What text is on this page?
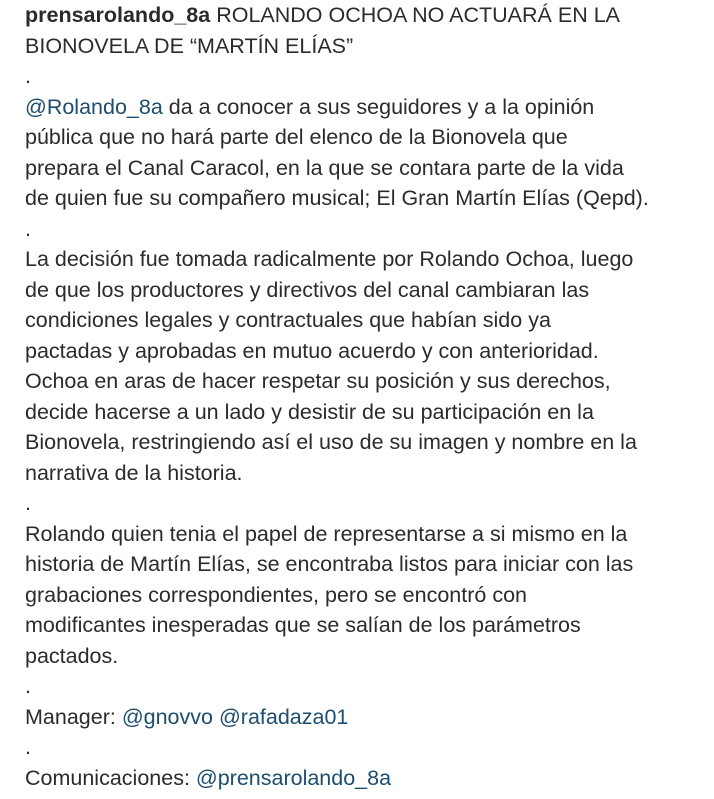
prensarolando_8a ROLANDO OCHOA NO ACTUARÁ EN LA
BIONOVELA DE “MARTÍN ELÍAS”
.
@Rolando_8a da a conocer a sus seguidores y a la opinión
pública que no hará parte del elenco de la Bionovela que
prepara el Canal Caracol, en la que se contara parte de la vida
de quien fue su compañero musical; El Gran Martín Elías (Qepd).
.
La decisión fue tomada radicalmente por Rolando Ochoa, luego
de que los productores y directivos del canal cambiaran las
condiciones legales y contractuales que habían sido ya
pactadas y aprobadas en mutuo acuerdo y con anterioridad.
Ochoa en aras de hacer respetar su posición y sus derechos,
decide hacerse a un lado y desistir de su participación en la
Bionovela, restringiendo así el uso de su imagen y nombre en la
narrativa de la historia.
.
Rolando quien tenia el papel de representarse a si mismo en la
historia de Martín Elías, se encontraba listos para iniciar con las
grabaciones correspondientes, pero se encontró con
modificantes inesperadas que se salían de los parámetros
pactados.
.
Manager: @gnovvo @rafadaza01
.
Comunicaciones: @prensarolando_8a
